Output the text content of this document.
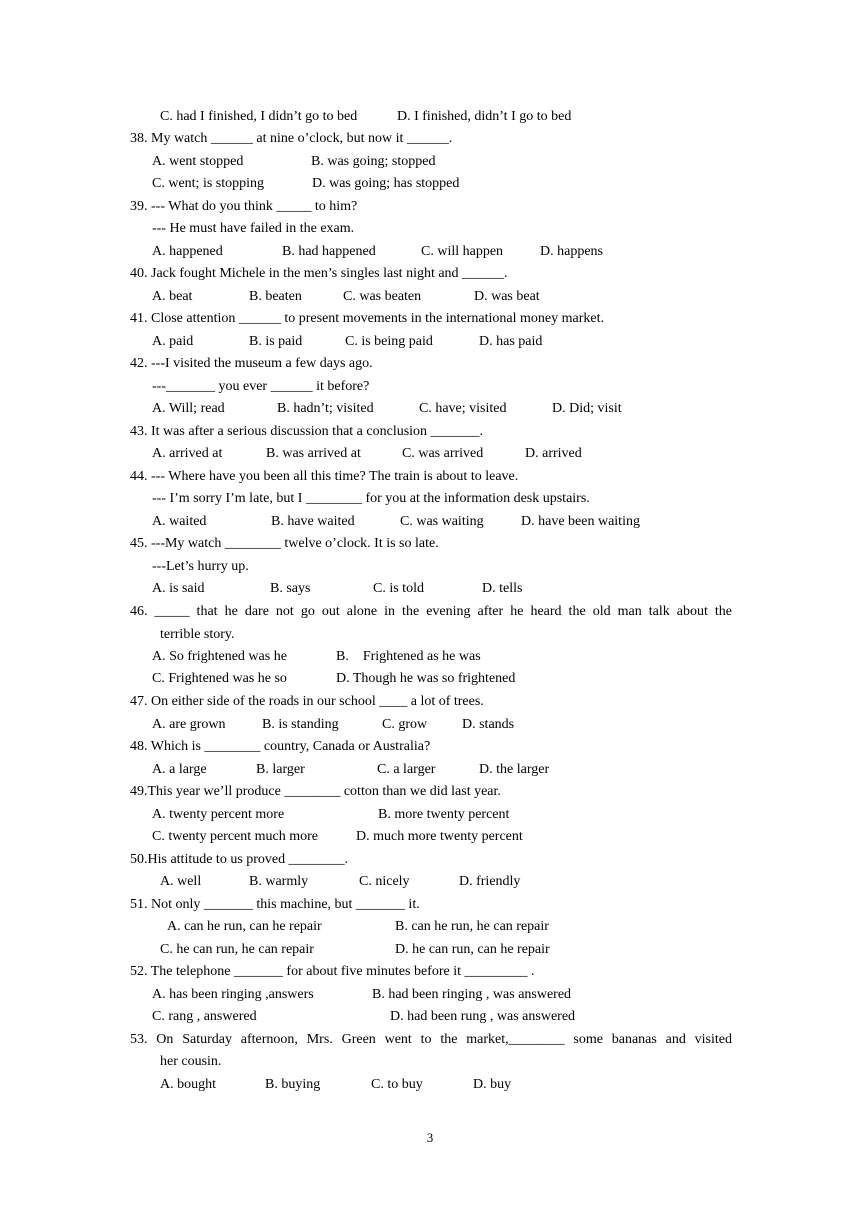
C. had I finished, I didn’t go to bed	D. I finished, didn’t I go to bed
38. My watch ______ at nine o’clock, but now it ______.
A. went stopped	B. was going; stopped
C. went; is stopping	D. was going; has stopped
39. --- What do you think _____ to him?
--- He must have failed in the exam.
A. happened	B. had happened	C. will happen	D. happens
40. Jack fought Michele in the men’s singles last night and ______.
A. beat	B. beaten	C. was beaten	D. was beat
41. Close attention ______ to present movements in the international money market.
A. paid	B. is paid	C. is being paid	D. has paid
42. ---I visited the museum a few days ago.
---_______ you ever ______ it before?
A. Will; read	B. hadn’t; visited	C. have; visited	D. Did; visit
43. It was after a serious discussion that a conclusion _______.
A. arrived at	B. was arrived at	C. was arrived	D. arrived
44. --- Where have you been all this time? The train is about to leave.
--- I’m sorry I’m late, but I ________ for you at the information desk upstairs.
A. waited	B. have waited	C. was waiting	D. have been waiting
45. ---My watch ________ twelve o’clock. It is so late.
---Let’s hurry up.
A. is said	B. says	C. is told	D. tells
46. _____ that he dare not go out alone in the evening after he heard the old man talk about the
terrible story.
A. So frightened was he	B.    Frightened as he was
C. Frightened was he so	D. Though he was so frightened
47. On either side of the roads in our school ____ a lot of trees.
A. are grown	B. is standing	C. grow D. stands
48. Which is ________ country, Canada or Australia?
A. a large	B. larger	C. a larger	D. the larger
49.This year we’ll produce ________ cotton than we did last year.
A. twenty percent more	B. more twenty percent
C. twenty percent much more	D. much more twenty percent
50.His attitude to us proved ________.
A. well	B. warmly	C. nicely	D. friendly
51. Not only _______ this machine, but _______ it.
A. can he run, can he repair	B. can he run, he can repair
C. he can run, he can repair	D. he can run, can he repair
52. The telephone _______ for about five minutes before it _________ .
A. has been ringing ,answers	B. had been ringing , was answered
C. rang , answered	D. had been rung , was answered
53. On Saturday afternoon, Mrs. Green went to the market,________ some bananas and visited
her cousin.
A. bought	B. buying	C. to buy	D. buy
3
